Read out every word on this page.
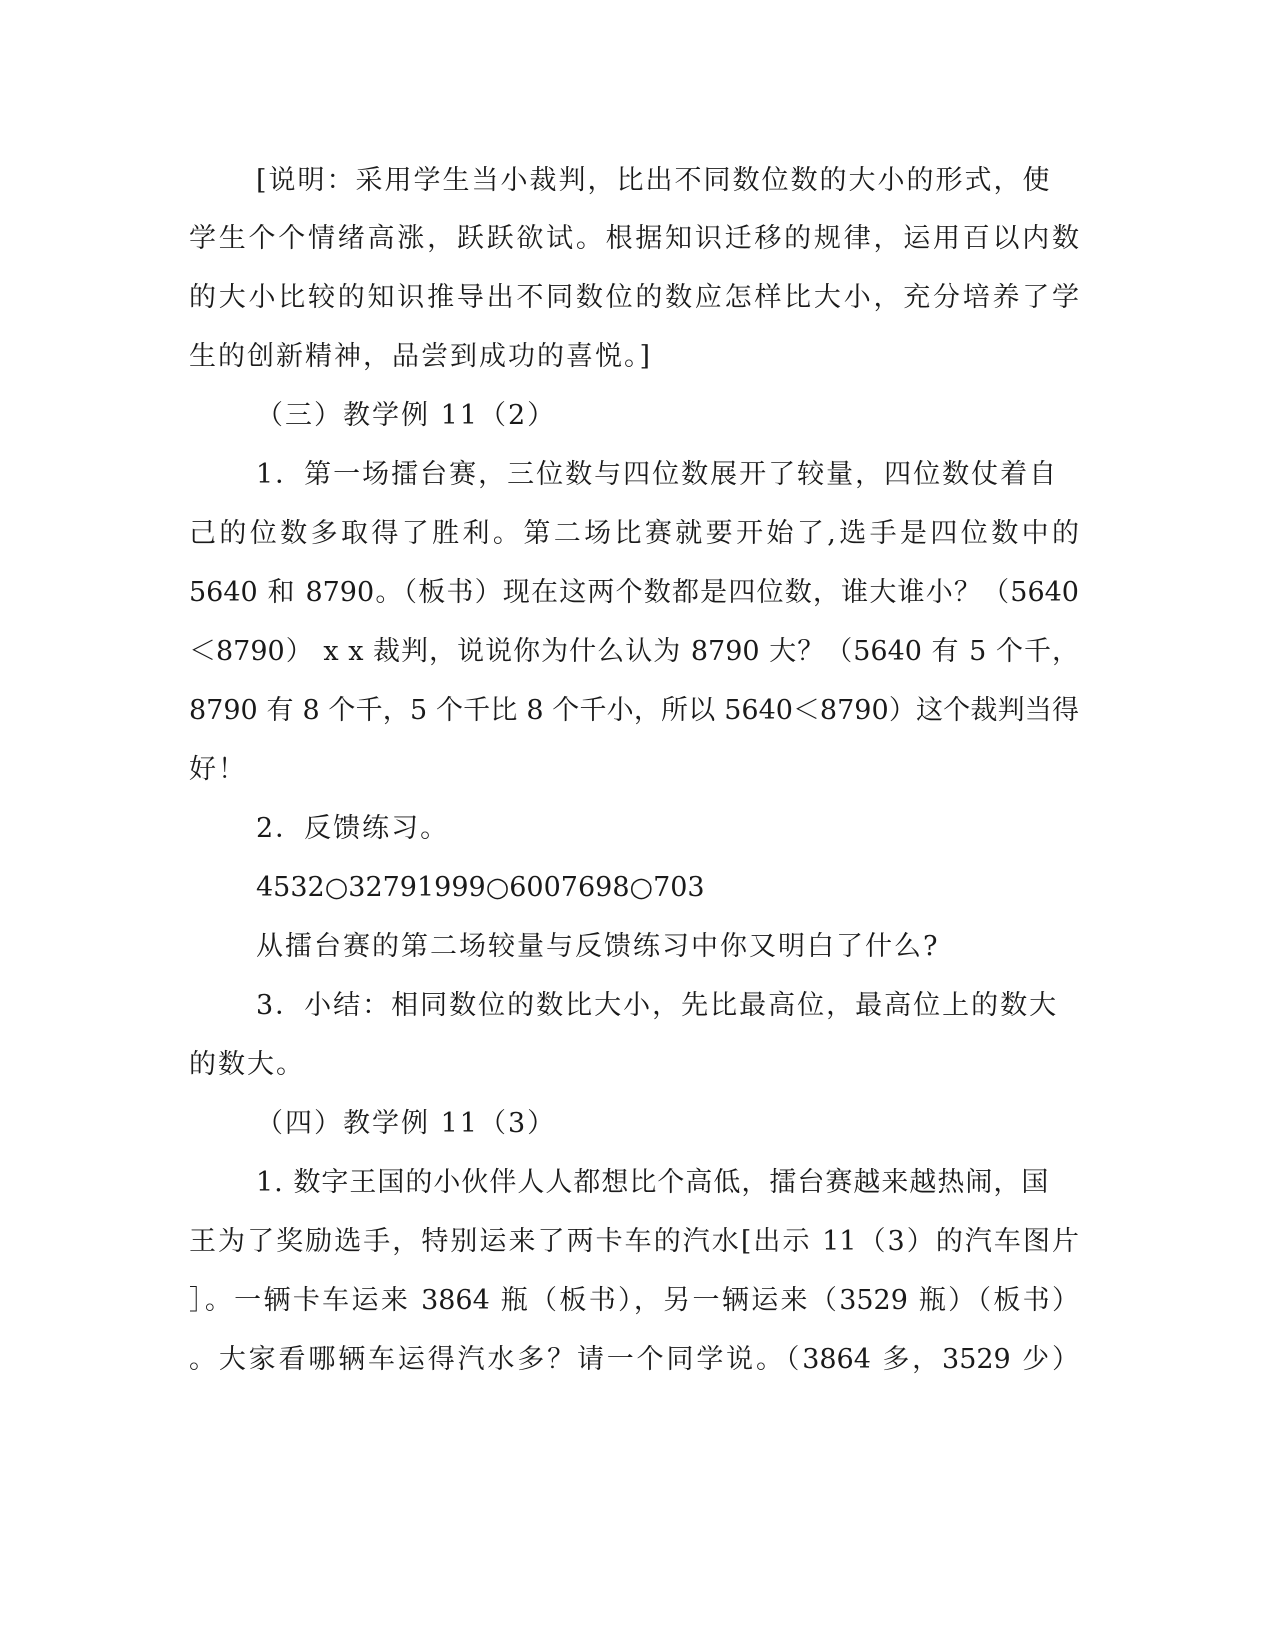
[说明：采用学生当小裁判，比出不同数位数的大小的形式，使
学生个个情绪高涨，跃跃欲试。根据知识迁移的规律，运用百以内数
的大小比较的知识推导出不同数位的数应怎样比大小，充分培养了学
生的创新精神，品尝到成功的喜悦。]
（三）教学例 11（2）
1．第一场擂台赛，三位数与四位数展开了较量，四位数仗着自
己的位数多取得了胜利。第二场比赛就要开始了,选手是四位数中的
5640 和 8790。（板书）现在这两个数都是四位数，谁大谁小？（5640
＜8790） x x 裁判，说说你为什么认为 8790 大？（5640 有 5 个千，
8790 有 8 个千，5 个千比 8 个千小，所以 5640＜8790）这个裁判当得
好！
2．反馈练习。
4532○32791999○6007698○703
从擂台赛的第二场较量与反馈练习中你又明白了什么?
3．小结：相同数位的数比大小，先比最高位，最高位上的数大
的数大。
（四）教学例 11（3）
1. 数字王国的小伙伴人人都想比个高低，擂台赛越来越热闹，国
王为了奖励选手，特别运来了两卡车的汽水[出示 11（3）的汽车图片
］。一辆卡车运来 3864 瓶（板书），另一辆运来（3529 瓶）（板书）
。大家看哪辆车运得汽水多？请一个同学说。（3864 多，3529 少）
